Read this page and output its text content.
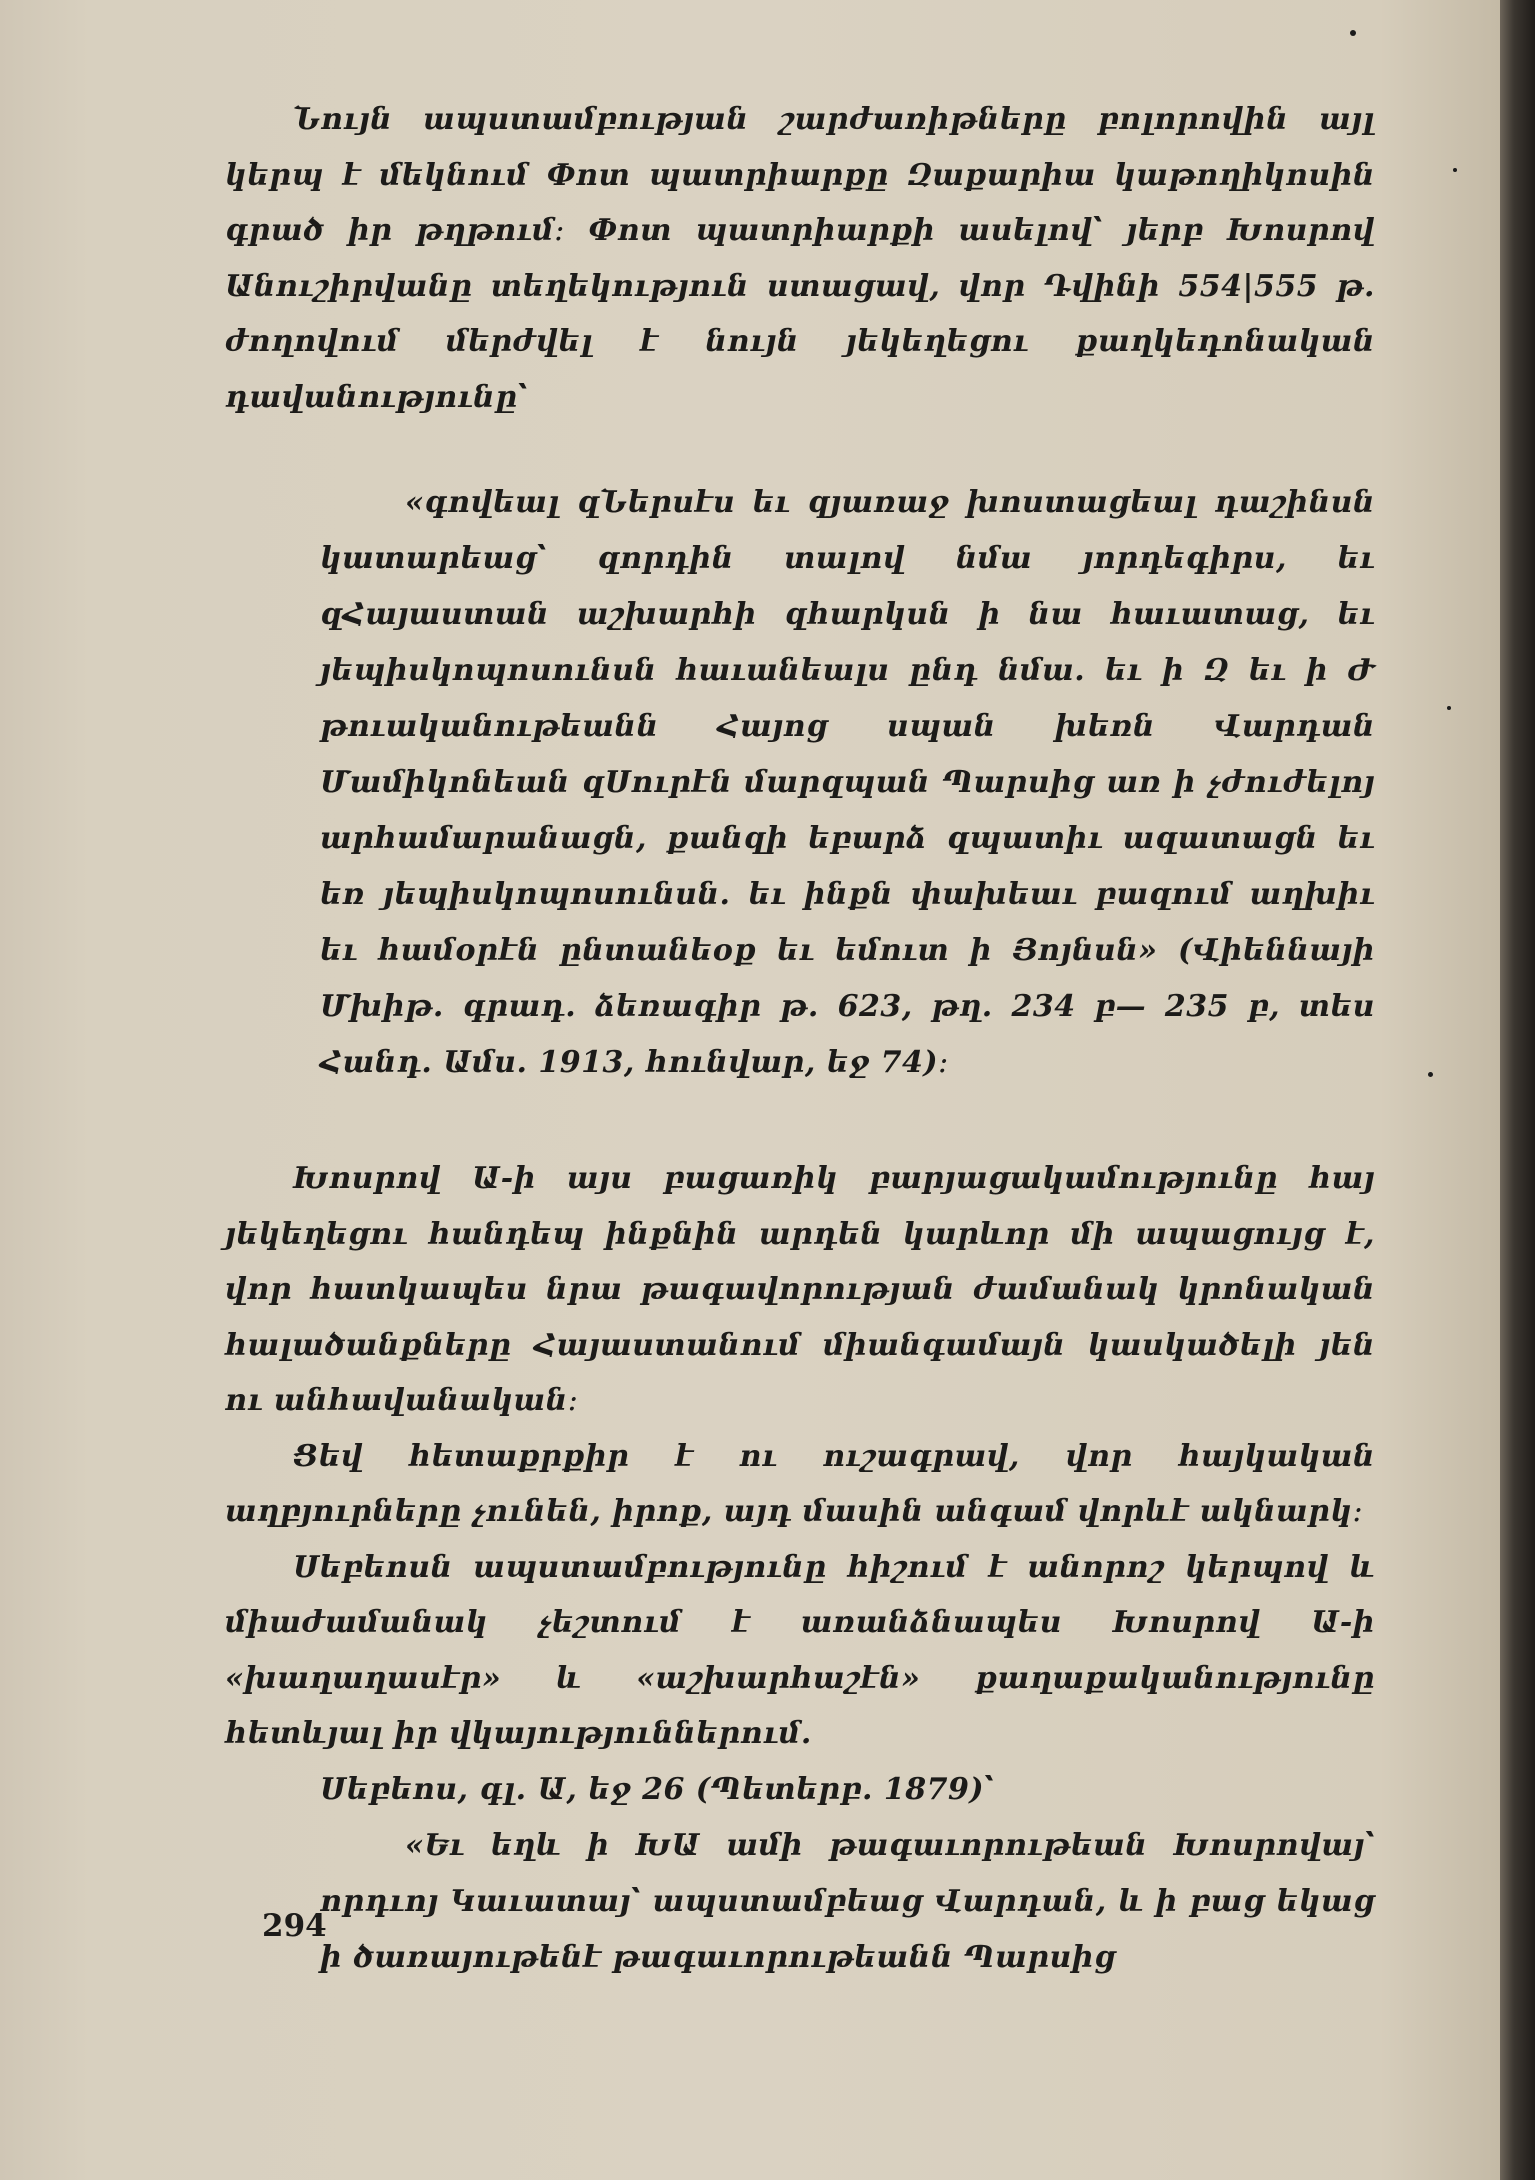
Նույն ապստամբության շարժառիթները բոլորովին այլ կերպ է մեկնում Փոտ պատրիարքը Զաքարիա կաթողիկոսին գրած իր թղթում։ Փոտ պատրիարքի ասելով՝ յերբ Խոսրով Անուշիրվանը տեղեկություն ստացավ, վոր Դվինի 554|555 թ. ժողովում մերժվել է նույն յեկեղեցու քաղկեդոնական դավանությունը՝

«գովեալ զՆերսէս եւ զյառաջ խոստացեալ դաշինսն կատարեաց՝ զորդին տալով նմա յորդեգիրս, եւ զՀայաստան աշխարհի զհարկսն ի նա հաւատաց, եւ յեպիսկոպոսունսն հաւանեալս ընդ նմա. եւ ի Զ եւ ի Ժ թուականութեանն Հայոց սպան խեռն Վարդան Մամիկոնեան զՍուրէն մարզպան Պարսից առ ի չժուժելոյ արհամարանացն, քանզի եբարձ զպատիւ ազատացն եւ եռ յեպիսկոպոսունսն. եւ ինքն փախեաւ բազում աղխիւ եւ համօրէն ընտանեօք եւ եմուտ ի Յոյնսն» (Վիեննայի Մխիթ. գրադ. ձեռագիր թ. 623, թղ. 234 բ— 235 բ, տես Հանդ. Ամս. 1913, հունվար, եջ 74)։

Խոսրով Ա-ի այս բացառիկ բարյացակամությունը հայ յեկեղեցու հանդեպ ինքնին արդեն կարևոր մի ապացույց է, վոր հատկապես նրա թագավորության ժամանակ կրոնական հալածանքները Հայաստանում միանգամայն կասկածելի յեն ու անհավանական։

Ցեվ հետաքրքիր է ու ուշագրավ, վոր հայկական աղբյուրները չունեն, իրոք, այդ մասին անգամ վորևէ ակնարկ։

Սեբեոսն ապստամբությունը հիշում է անորոշ կերպով և միաժամանակ չեշտում է առանձնապես Խոսրով Ա-ի «խաղաղասէր» և «աշխարհաշէն» քաղաքականությունը հետևյալ իր վկայություններում.

Սեբեոս, գլ. Ա, եջ 26 (Պետերբ. 1879)՝

«Եւ եղև ի ԽԱ ամի թագաւորութեան Խոսրովայ՝ որդւոյ Կաւատայ՝ ապստամբեաց Վարդան, և ի բաց եկաց ի ծառայութենէ թագաւորութեանն Պարսից

294
